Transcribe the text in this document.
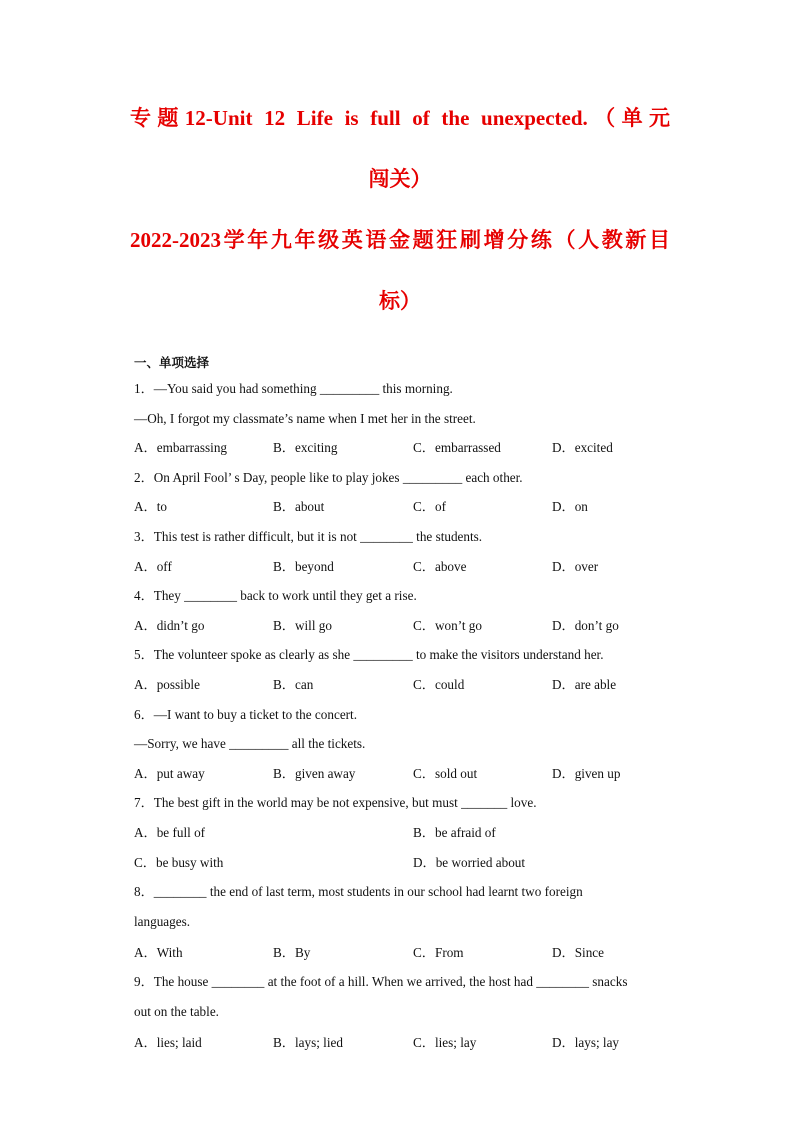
专题12-Unit 12 Life is full of the unexpected.（单元
闯关）
2022-2023学年九年级英语金题狂刷增分练（人教新目
标）
一、单项选择
1．—You said you had something _________ this morning.
—Oh, I forgot my classmate’s name when I met her in the street.
A．embarrassing	B．exciting	C．embarrassed	D．excited
2．On April Fool’ s Day, people like to play jokes _________ each other.
A．to	B．about	C．of	D．on
3．This test is rather difficult, but it is not ________ the students.
A．off	B．beyond	C．above	D．over
4．They ________ back to work until they get a rise.
A．didn’t go	B．will go	C．won’t go	D．don’t go
5．The volunteer spoke as clearly as she _________ to make the visitors understand her.
A．possible	B．can	C．could	D．are able
6．—I want to buy a ticket to the concert.
—Sorry, we have _________ all the tickets.
A．put away	B．given away	C．sold out	D．given up
7．The best gift in the world may be not expensive, but must _______ love.
A．be full of	B．be afraid of
C．be busy with	D．be worried about
8．________ the end of last term, most students in our school had learnt two foreign
languages.
A．With	B．By	C．From	D．Since
9．The house ________ at the foot of a hill. When we arrived, the host had ________ snacks
out on the table.
A．lies; laid	B．lays; lied	C．lies; lay	D．lays; lay
